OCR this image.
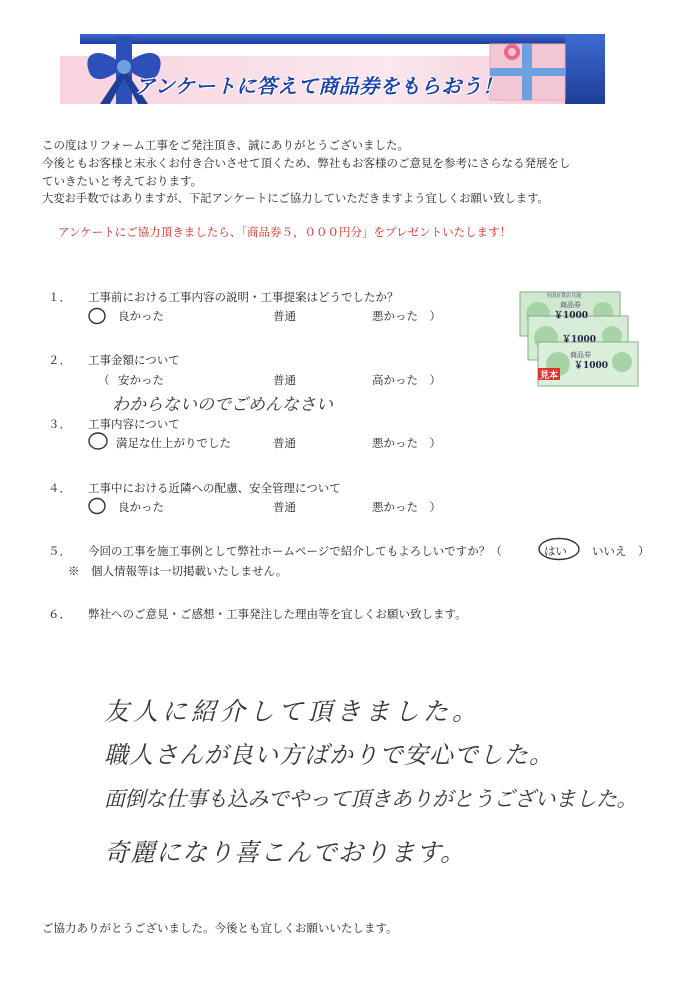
アンケートに答えて商品券をもらおう！
この度はリフォーム工事をご発注頂き、誠にありがとうございました。
今後ともお客様と末永くお付き合いさせて頂くため、弊社もお客様のご意見を参考にさらなる発展をし
ていきたいと考えております。
大変お手数ではありますが、下記アンケートにご協力していただきますよう宜しくお願い致します。
アンケートにご協力頂きましたら、「商品券５，０００円分」をプレゼントいたします！
１． 工事前における工事内容の説明・工事提案はどうでしたか？
良かった	普通	悪かった　）
２． 工事金額について
（ 安かった	普通	高かった　）
わからないのでごめんなさい
３． 工事内容について
満足な仕上がりでした	普通	悪かった　）
４． 工事中における近隣への配慮、安全管理について
良かった	普通	悪かった　）
５． 今回の工事を施工事例として弊社ホームページで紹介してもよろしいですか？（	はい いいえ　）
※　個人情報等は一切掲載いたしません。
６． 弊社へのご意見・ご感想・工事発注した理由等を宜しくお願い致します。
友人に紹介して頂きました。
職人さんが良い方ばかりで安心でした。
面倒な仕事も込みでやって頂きありがとうございました。
奇麗になり喜こんでおります。
全国百貨店共通
商品券
￥1000
￥1000
商品券
￥1000
見本
ご協力ありがとうございました。今後とも宜しくお願いいたします。
